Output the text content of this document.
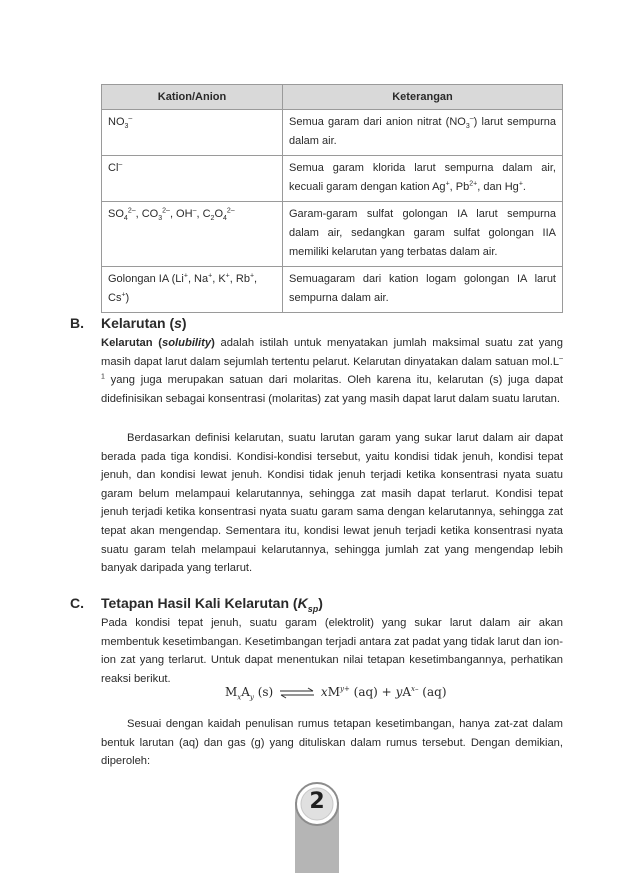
Kation/Anion	Keterangan
$NO_3^-$	Semua garam dari anion nitrat $(NO_3^-)$ larut sempurna dalam air.
Cl–	Semua garam klorida larut sempurna dalam air, kecuali garam dengan kation Ag+, $Pb^{2+}$, dan Hg+.
$SO_4^{2-}$, $CO_3^{2-}$, OH–, $C_2O_4^{2-}$	Garam-garam sulfat golongan IA larut sempurna dalam air, sedangkan garam sulfat golongan IIA memiliki kelarutan yang terbatas dalam air.
Golongan IA (Li+, Na+, K+, Rb+, Cs+)	Semuagaram dari kation logam golongan IA larut sempurna dalam air.
B. Kelarutan (s)
Kelarutan (solubility) adalah istilah untuk menyatakan jumlah maksimal suatu zat yang masih dapat larut dalam sejumlah tertentu pelarut. Kelarutan dinyatakan dalam satuan $mol.L^{-1}$ yang juga merupakan satuan dari molaritas. Oleh karena itu, kelarutan (s) juga dapat didefinisikan sebagai konsentrasi (molaritas) zat yang masih dapat larut dalam suatu larutan.
Berdasarkan definisi kelarutan, suatu larutan garam yang sukar larut dalam air dapat berada pada tiga kondisi. Kondisi-kondisi tersebut, yaitu kondisi tidak jenuh, kondisi tepat jenuh, dan kondisi lewat jenuh. Kondisi tidak jenuh terjadi ketika konsentrasi nyata suatu garam belum melampaui kelarutannya, sehingga zat masih dapat terlarut. Kondisi tepat jenuh terjadi ketika konsentrasi nyata suatu garam sama dengan kelarutannya, sehingga zat tepat akan mengendap. Sementara itu, kondisi lewat jenuh terjadi ketika konsentrasi nyata suatu garam telah melampaui kelarutannya, sehingga jumlah zat yang mengendap lebih banyak daripada yang terlarut.
C. Tetapan Hasil Kali Kelarutan $(K_{sp})$
Pada kondisi tepat jenuh, suatu garam (elektrolit) yang sukar larut dalam air akan membentuk kesetimbangan. Kesetimbangan terjadi antara zat padat yang tidak larut dan ion-ion zat yang terlarut. Untuk dapat menentukan nilai tetapan kesetimbangannya, perhatikan reaksi berikut.
$M_xA_y$ (s) ⇌ $xM^{y+}$ $(aq) + yA^{x-}$ (aq)
Sesuai dengan kaidah penulisan rumus tetapan kesetimbangan, hanya zat-zat dalam bentuk larutan (aq) dan gas (g) yang dituliskan dalam rumus tersebut. Dengan demikian, diperoleh:
2
